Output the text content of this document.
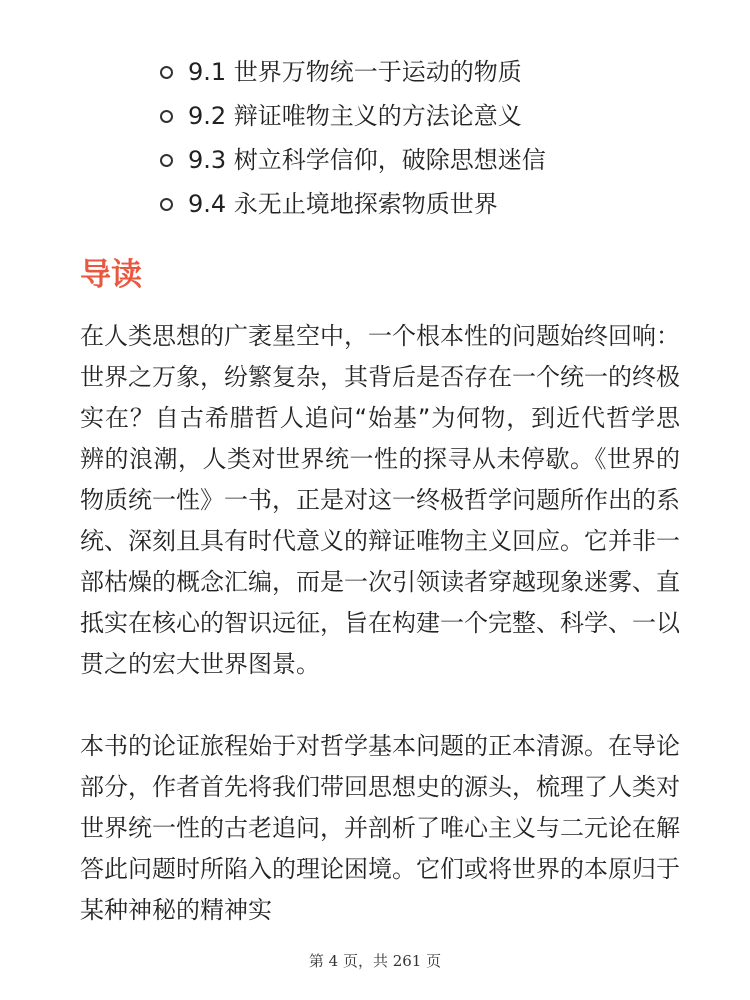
9.1 世界万物统一于运动的物质
9.2 辩证唯物主义的方法论意义
9.3 树立科学信仰，破除思想迷信
9.4 永无止境地探索物质世界
导读

在人类思想的广袤星空中，一个根本性的问题始终回响：世界之万象，纷繁复杂，其背后是否存在一个统一的终极实在？自古希腊哲人追问“始基”为何物，到近代哲学思辨的浪潮，人类对世界统一性的探寻从未停歇。《世界的物质统一性》一书，正是对这一终极哲学问题所作出的系统、深刻且具有时代意义的辩证唯物主义回应。它并非一部枯燥的概念汇编，而是一次引领读者穿越现象迷雾、直抵实在核心的智识远征，旨在构建一个完整、科学、一以贯之的宏大世界图景。

本书的论证旅程始于对哲学基本问题的正本清源。在导论部分，作者首先将我们带回思想史的源头，梳理了人类对世界统一性的古老追问，并剖析了唯心主义与二元论在解答此问题时所陷入的理论困境。它们或将世界的本原归于某种神秘的精神实

第 4 页，共 261 页
